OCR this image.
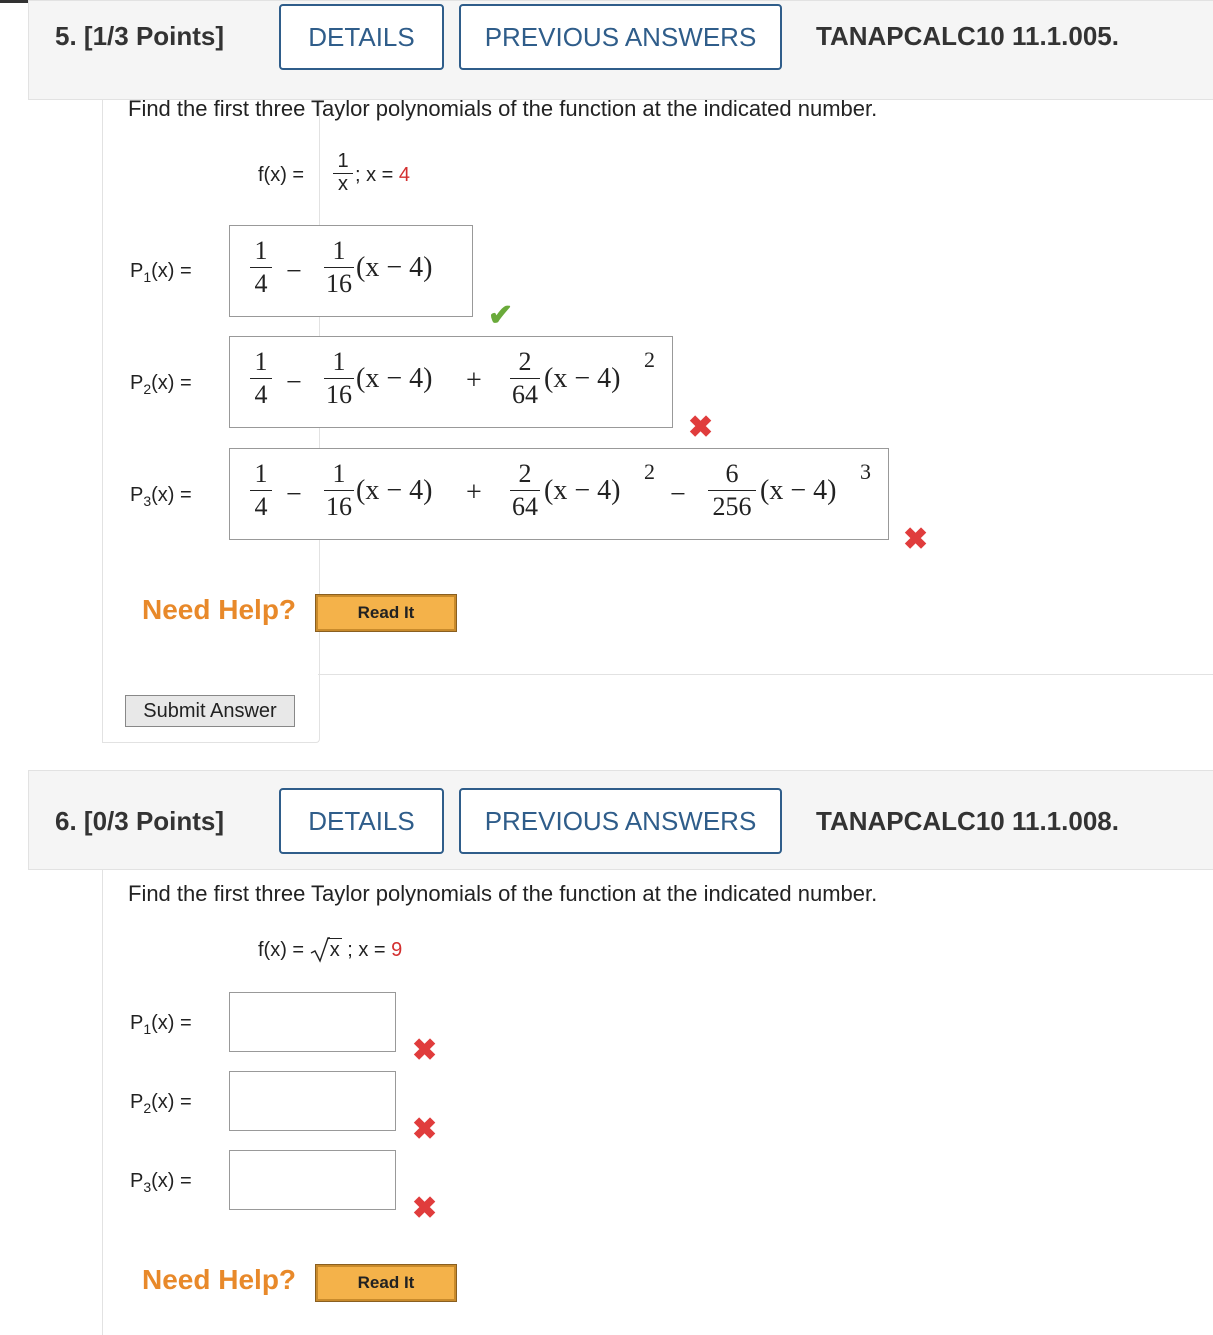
5. [1/3 Points]	DETAILS	PREVIOUS ANSWERS	TANAPCALC10 11.1.005.
Find the first three Taylor polynomials of the function at the indicated number.
f(x) =
1
x ; x = 4
$P_1(x)$ =
1
4 −
1
16
(x − 4)
✔
$P_2(x)$ =
1
4 −
1
16
(x − 4) +
2
64
(x − 4)
2
✖
$P_3(x)$ =
1
4 −
1
16
(x − 4) +
2
64
(x − 4)
2
−
6
256
(x − 4)
3
✖
Need Help?	Read It
Submit Answer
6. [0/3 Points]	DETAILS	PREVIOUS ANSWERS	TANAPCALC10 11.1.008.
Find the first three Taylor polynomials of the function at the indicated number.
f(x) = x ; x = 9
$P_1(x)$ =
✖
$P_2(x)$ =
✖
$P_3(x)$ =
✖
Need Help?	Read It
